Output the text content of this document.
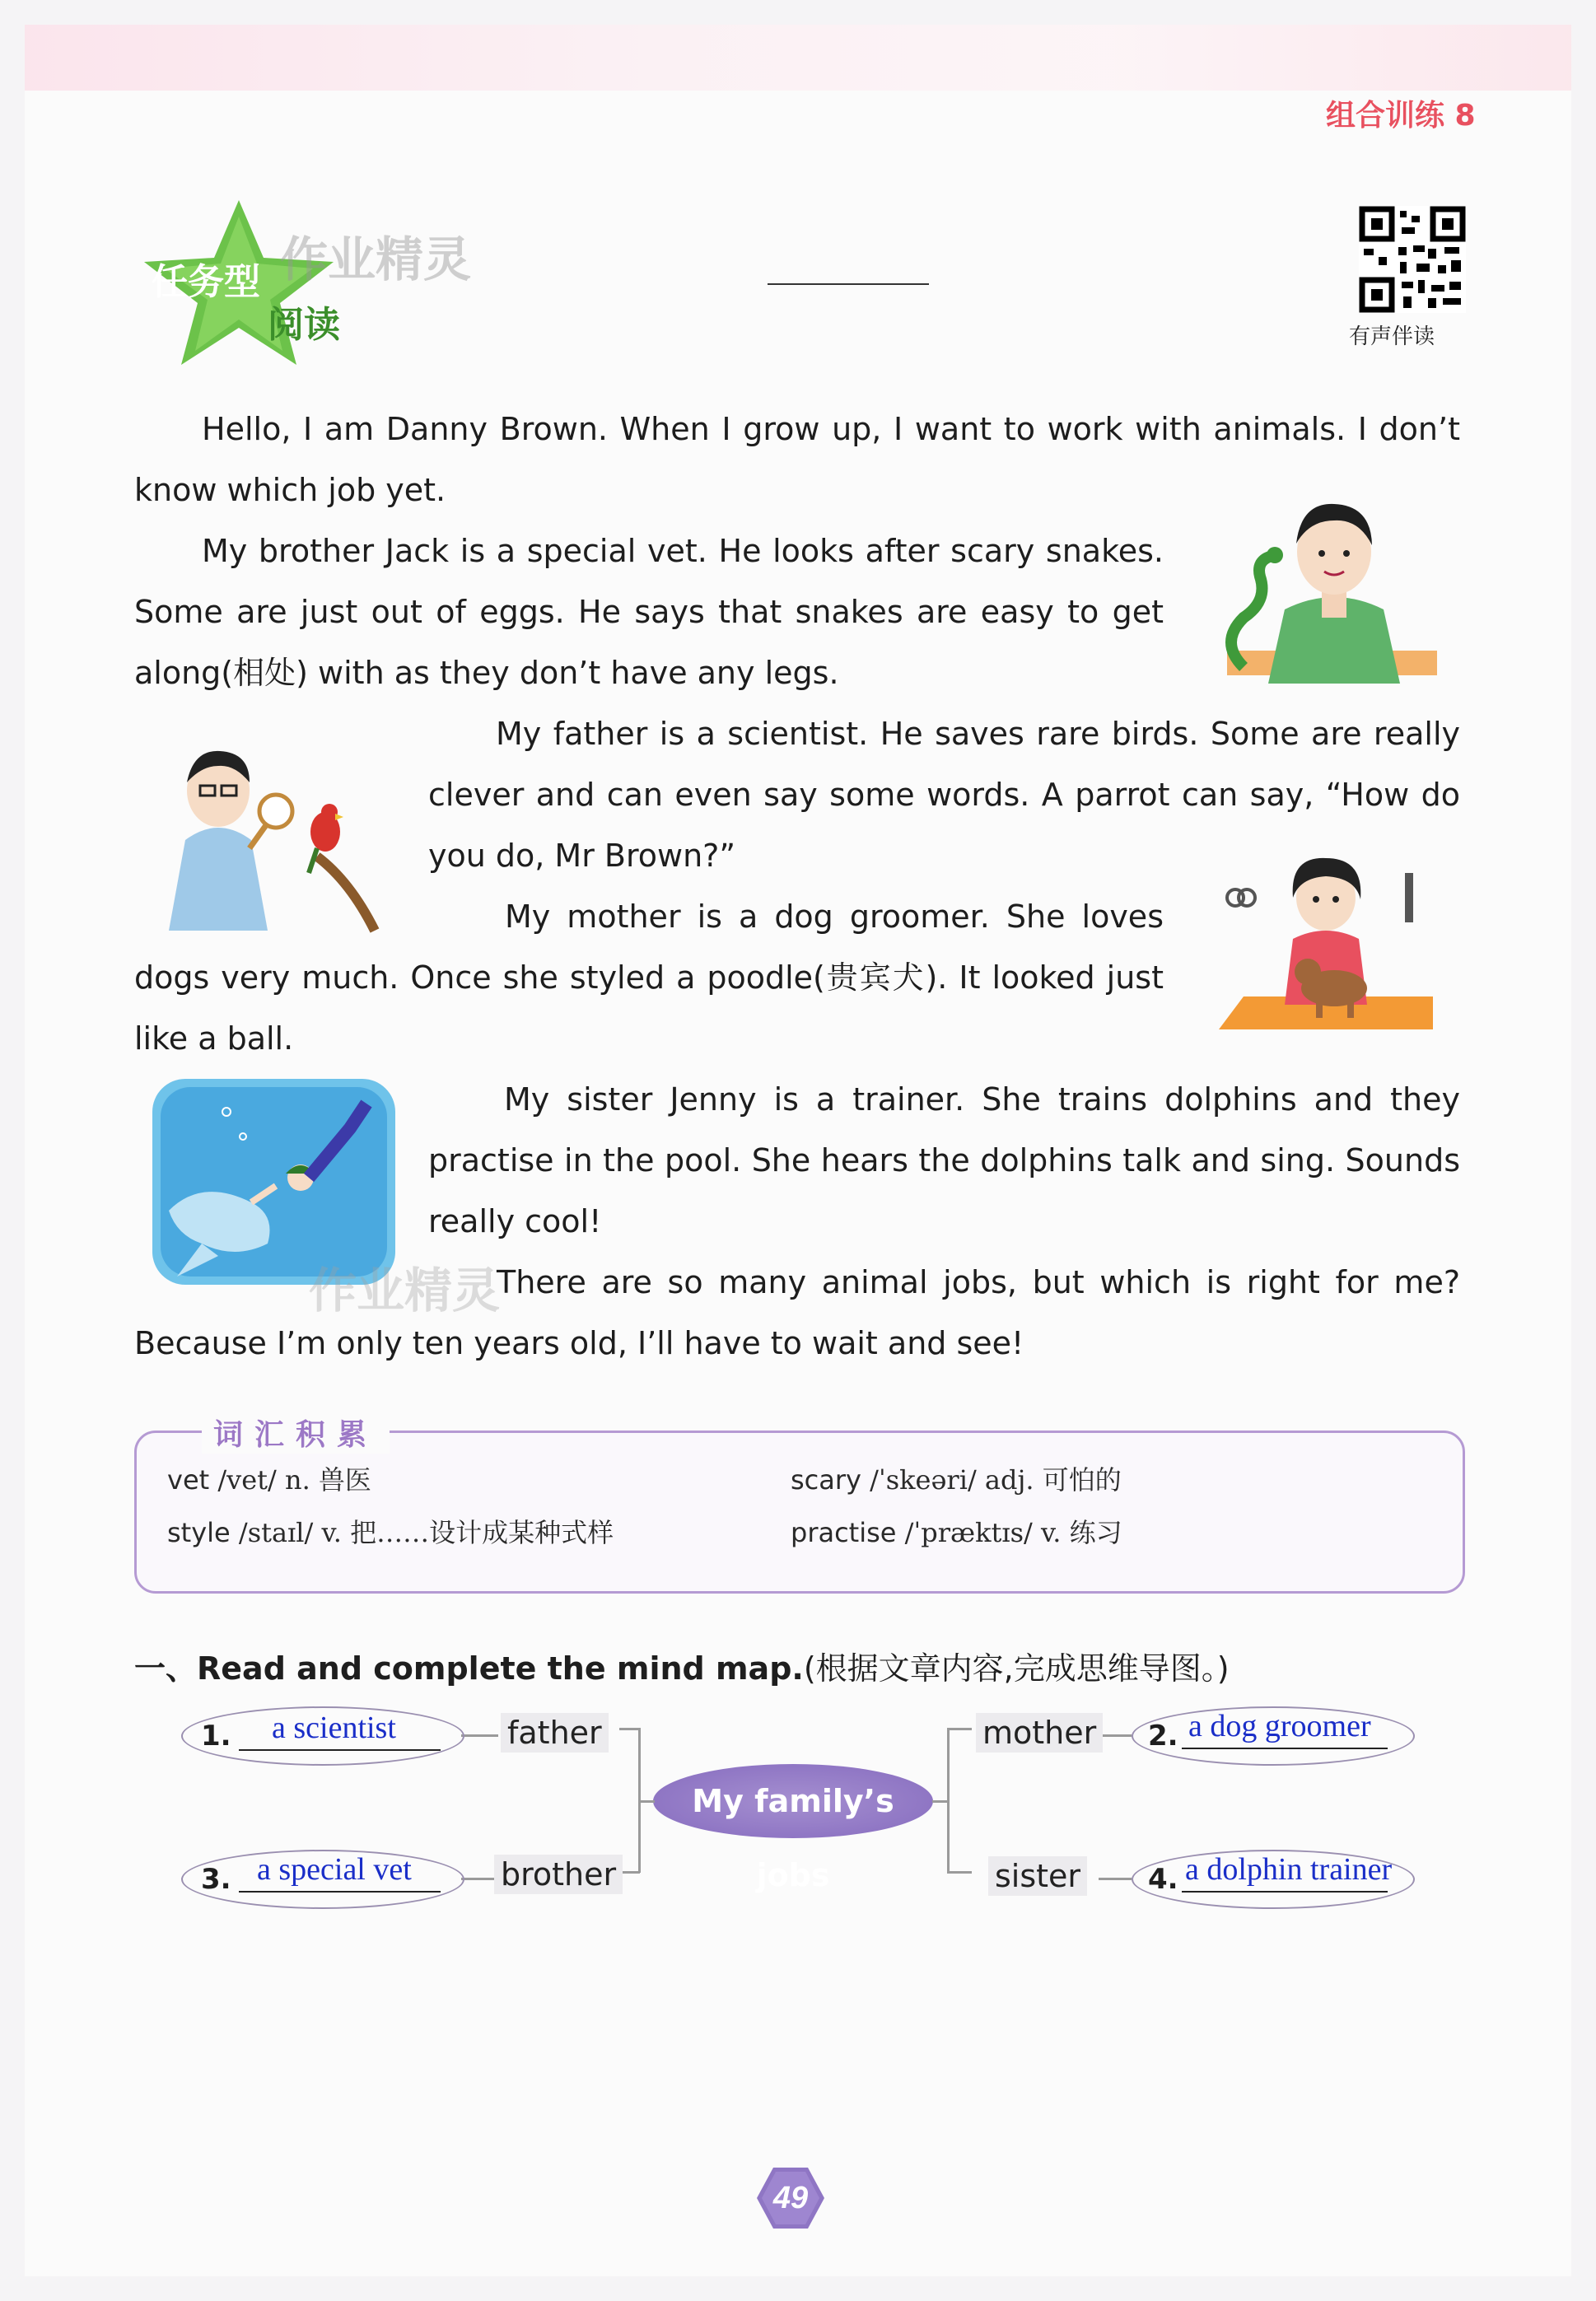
组合训练 8
任务型
阅读
作业精灵
有声伴读

Hello, I am Danny Brown. When I grow up, I want to work with animals. I don’t know which job yet.

My brother Jack is a special vet. He looks after scary snakes. Some are just out of eggs. He says that snakes are easy to get along(相处) with as they don’t have any legs.

My father is a scientist. He saves rare birds. Some are really clever and can even say some words. A parrot can say, “How do you do, Mr Brown?”

My mother is a dog groomer. She loves dogs very much. Once she styled a poodle(贵宾犬). It looked just like a ball.

My sister Jenny is a trainer. She trains dolphins and they practise in the pool. She hears the dolphins talk and sing. Sounds really cool!

There are so many animal jobs, but which is right for me? Because I’m only ten years old, I’ll have to wait and see!

作业精灵
词汇积累
vet /vet/ n. 兽医
style /staɪl/ v. 把……设计成某种式样
scary /ˈskeəri/ adj. 可怕的
practise /ˈpræktɪs/ v. 练习
一、Read and complete the mind map.(根据文章内容,完成思维导图。)
My family’s jobs
father
brother
mother
sister
1.	a scientist
3. a special vet
2. a dog groomer
4. a dolphin trainer
49
